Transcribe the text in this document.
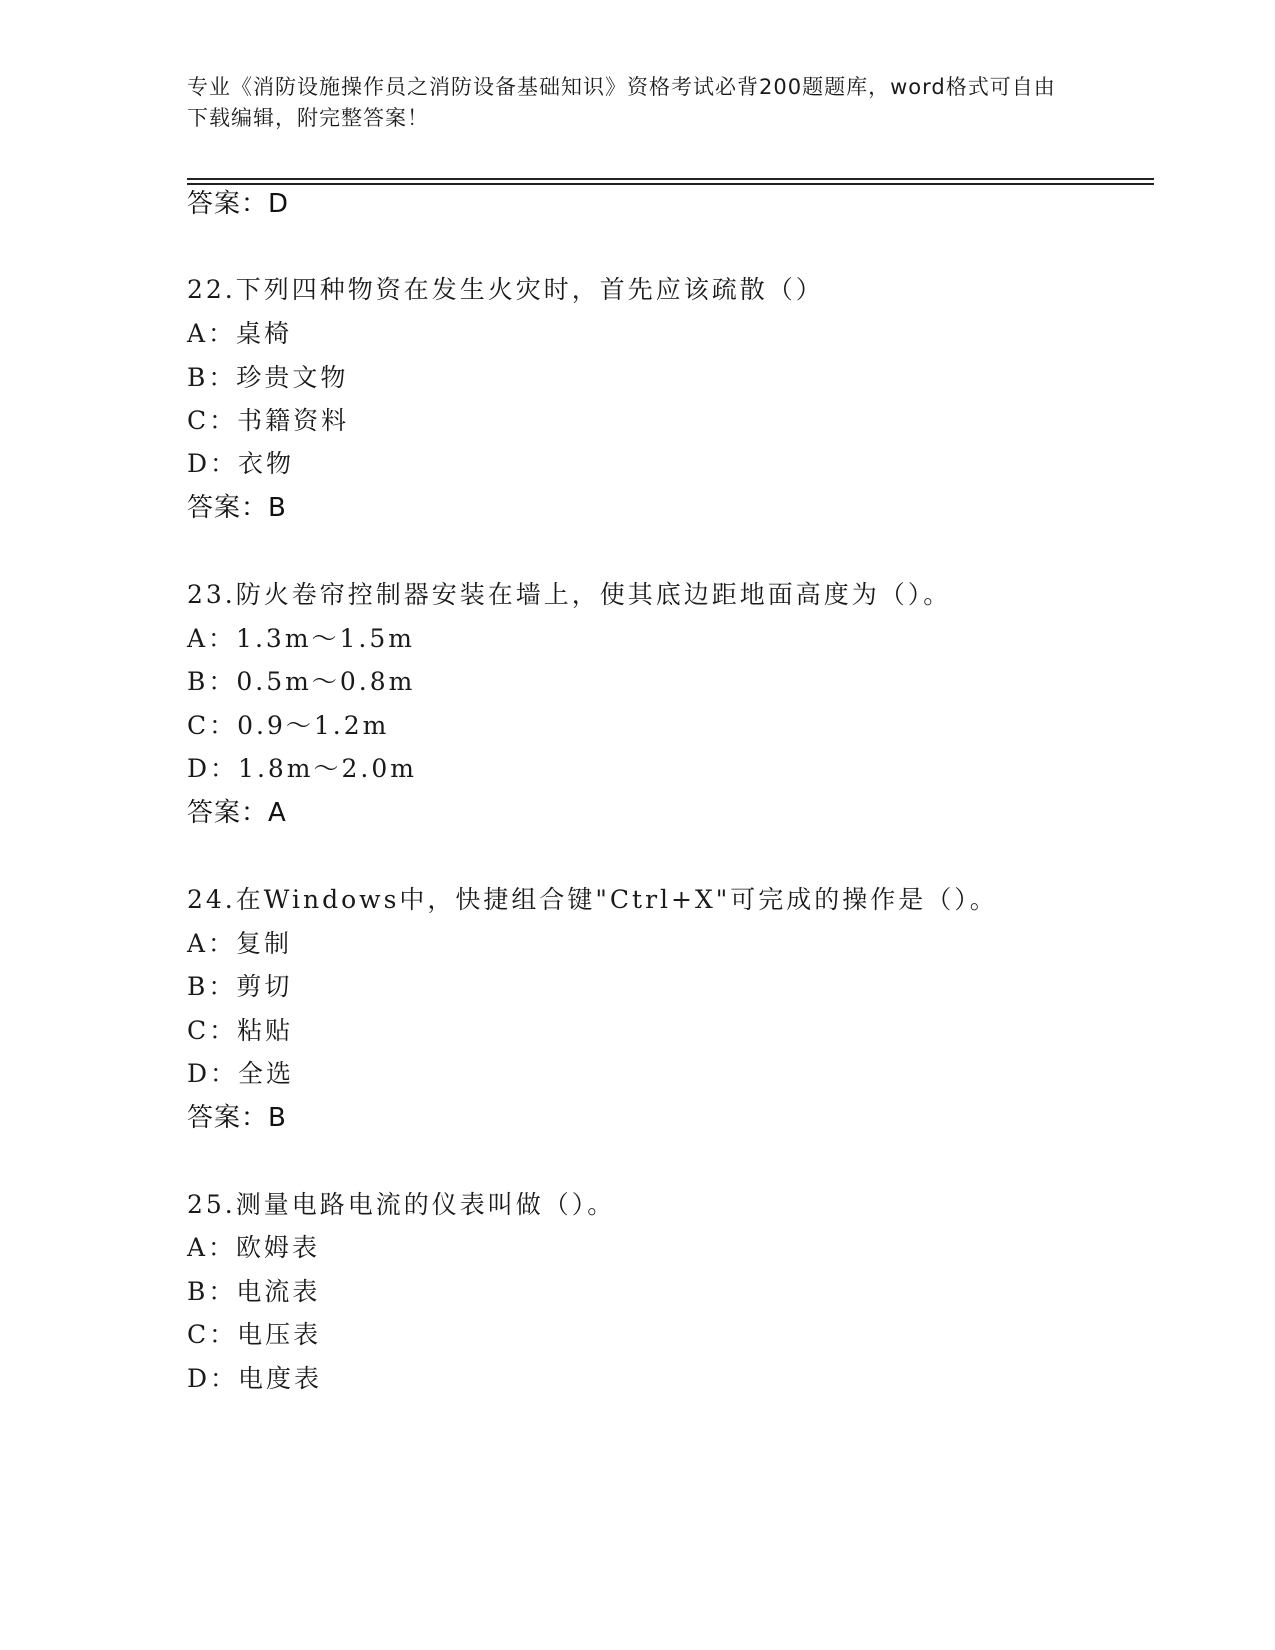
专业《消防设施操作员之消防设备基础知识》资格考试必背200题题库，word格式可自由下载编辑，附完整答案！
答案：D
22.下列四种物资在发生火灾时，首先应该疏散（）
A：桌椅
B：珍贵文物
C：书籍资料
D：衣物
答案：B
23.防火卷帘控制器安装在墙上，使其底边距地面高度为（）。
A：1.3m～1.5m
B：0.5m～0.8m
C：0.9～1.2m
D：1.8m～2.0m
答案：A
24.在Windows中，快捷组合键"Ctrl+X"可完成的操作是（）。
A：复制
B：剪切
C：粘贴
D：全选
答案：B
25.测量电路电流的仪表叫做（）。
A：欧姆表
B：电流表
C：电压表
D：电度表
